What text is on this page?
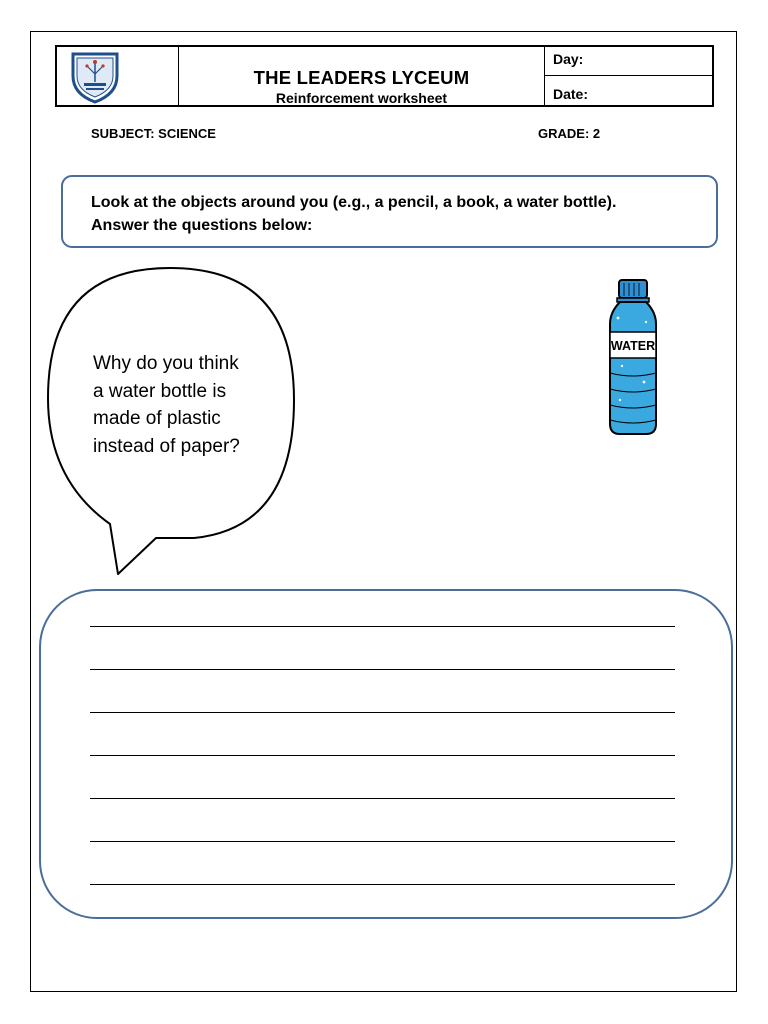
THE LEADERS LYCEUM
Reinforcement worksheet
Day:
Date:
SUBJECT: SCIENCE	GRADE: 2
Look at the objects around you (e.g., a pencil, a book, a water bottle).
Answer the questions below:
Why do you think
a water bottle is
made of plastic
instead of paper?
WATER
